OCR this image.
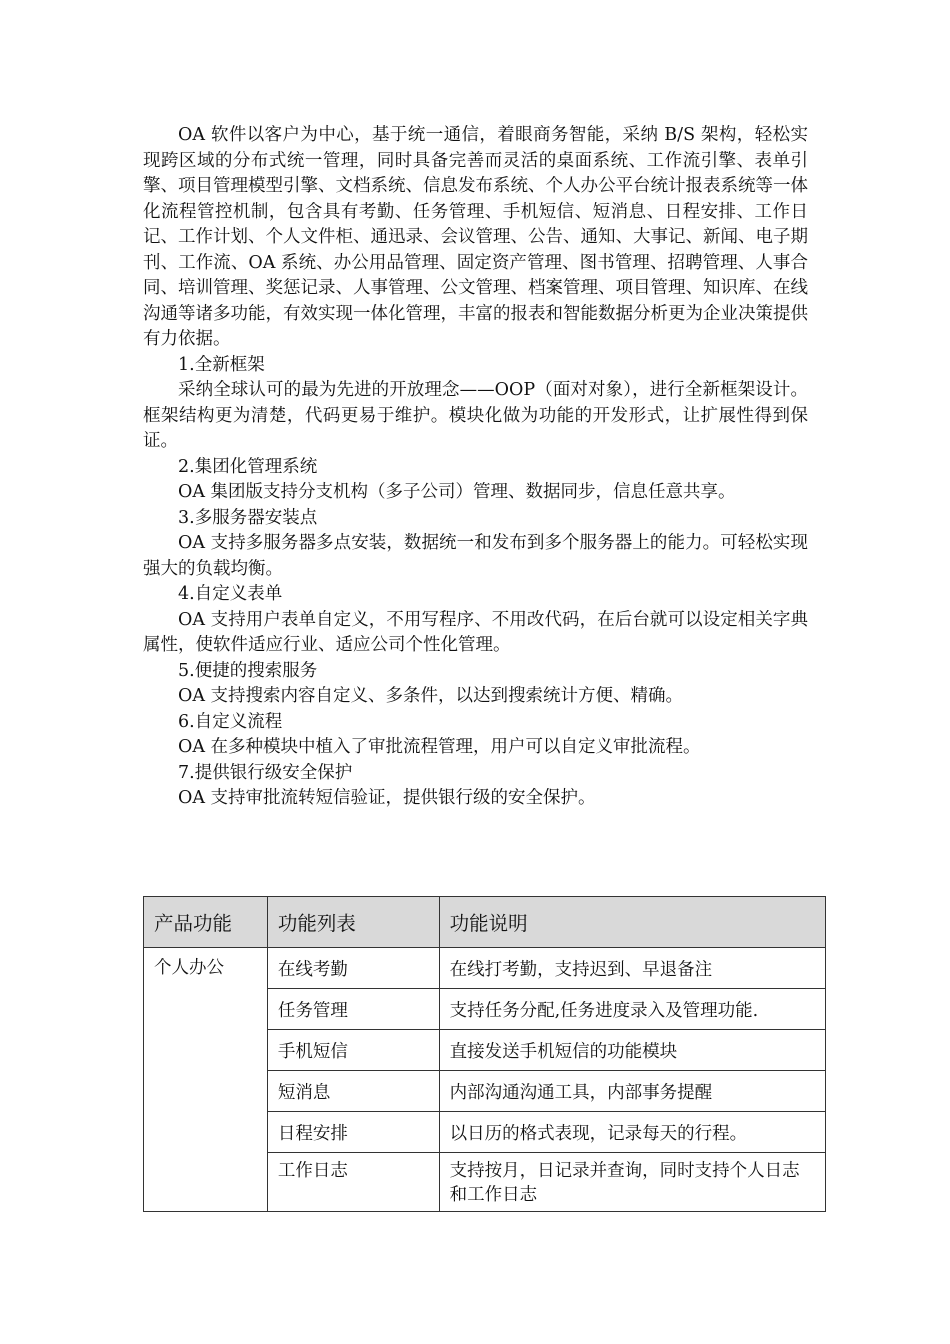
OA 软件以客户为中心，基于统一通信，着眼商务智能，采纳 B/S 架构，轻松实现跨区域的分布式统一管理，同时具备完善而灵活的桌面系统、工作流引擎、表单引擎、项目管理模型引擎、文档系统、信息发布系统、个人办公平台统计报表系统等一体化流程管控机制，包含具有考勤、任务管理、手机短信、短消息、日程安排、工作日记、工作计划、个人文件柜、通迅录、会议管理、公告、通知、大事记、新闻、电子期刊、工作流、OA 系统、办公用品管理、固定资产管理、图书管理、招聘管理、人事合同、培训管理、奖惩记录、人事管理、公文管理、档案管理、项目管理、知识库、在线沟通等诸多功能，有效实现一体化管理，丰富的报表和智能数据分析更为企业决策提供有力依据。

1.全新框架

采纳全球认可的最为先进的开放理念——OOP（面对对象），进行全新框架设计。框架结构更为清楚，代码更易于维护。模块化做为功能的开发形式，让扩展性得到保证。

2.集团化管理系统

OA 集团版支持分支机构（多子公司）管理、数据同步，信息任意共享。

3.多服务器安装点

OA 支持多服务器多点安装，数据统一和发布到多个服务器上的能力。可轻松实现强大的负载均衡。

4.自定义表单

OA 支持用户表单自定义，不用写程序、不用改代码，在后台就可以设定相关字典属性，使软件适应行业、适应公司个性化管理。

5.便捷的搜索服务

OA 支持搜索内容自定义、多条件，以达到搜索统计方便、精确。

6.自定义流程

OA 在多种模块中植入了审批流程管理，用户可以自定义审批流程。

7.提供银行级安全保护

OA 支持审批流转短信验证，提供银行级的安全保护。

产品功能	功能列表	功能说明
个人办公	在线考勤	在线打考勤，支持迟到、早退备注
	任务管理	支持任务分配,任务进度录入及管理功能.
	手机短信	直接发送手机短信的功能模块
	短消息	内部沟通沟通工具，内部事务提醒
	日程安排	以日历的格式表现，记录每天的行程。
	工作日志	支持按月，日记录并查询，同时支持个人日志和工作日志
